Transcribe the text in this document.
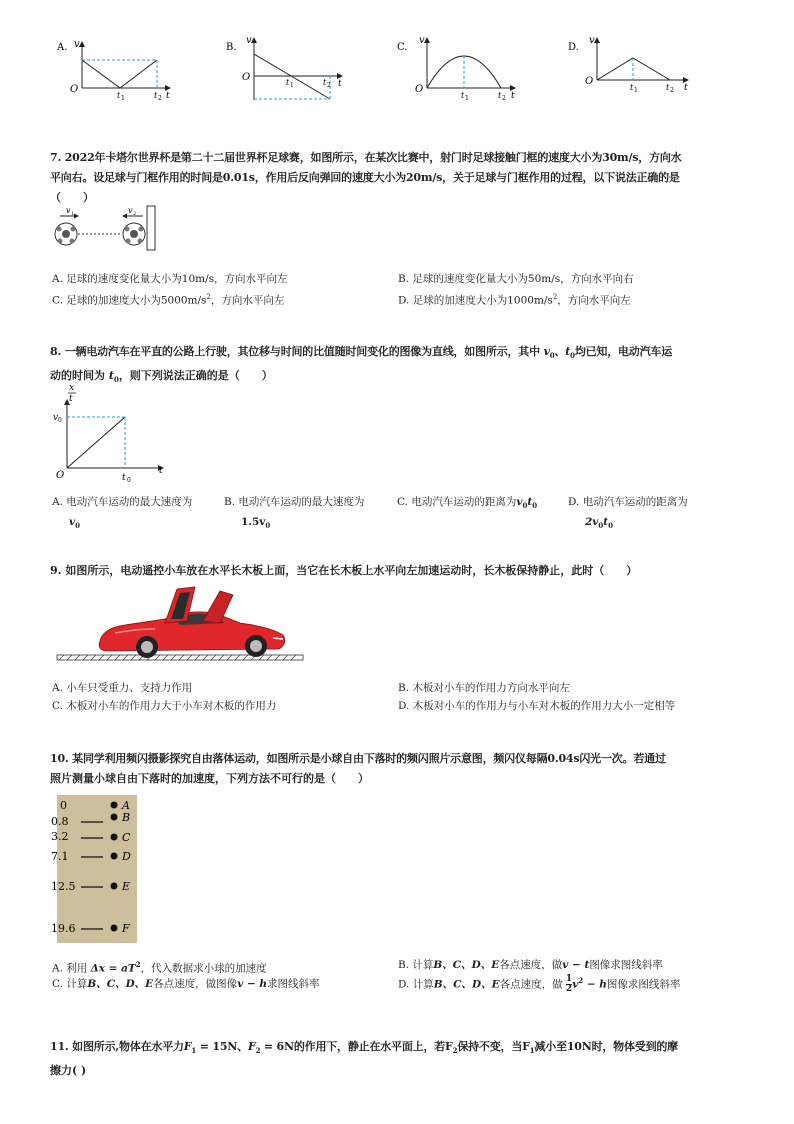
A. v
O
t 1	t 2 t
B.
v
O	t 1	t 2 t
C.
v
O
t 1	t 2 t
D.
v
O
t 1	t 2 t
7. 2022年卡塔尔世界杯是第二十二届世界杯足球赛，如图所示，在某次比赛中，射门时足球接触门框的速度大小为30m/s，方向水
平向右。设足球与门框作用的时间是0.01s，作用后反向弹回的速度大小为20m/s，关于足球与门框作用的过程，以下说法正确的是
（　　）
v 1	v 2
A. 足球的速度变化量大小为10m/s，方向水平向左	B. 足球的速度变化量大小为50m/s，方向水平向右
C. 足球的加速度大小为$5000m/s^2$，方向水平向左	D. 足球的加速度大小为$1000m/s^2$，方向水平向左
8. 一辆电动汽车在平直的公路上行驶，其位移与时间的比值随时间变化的图像为直线，如图所示，其中 $v_0$、$t_0$均已知，电动汽车运
动的时间为 $t_0$，则下列说法正确的是（　　）
x
t
v 0
O	t 0
t
A. 电动汽车运动的最大速度为
$v_0$
B. 电动汽车运动的最大速度为
$1.5v_0$
C. 电动汽车运动的距离为$v_0t_0$	D. 电动汽车运动的距离为
$2v_0t_0$
9. 如图所示，电动遥控小车放在水平长木板上面，当它在长木板上水平向左加速运动时，长木板保持静止，此时（　　）
A. 小车只受重力、支持力作用	B. 木板对小车的作用力方向水平向左
C. 木板对小车的作用力大于小车对木板的作用力	D. 木板对小车的作用力与小车对木板的作用力大小一定相等
10. 某同学利用频闪摄影探究自由落体运动，如图所示是小球自由下落时的频闪照片示意图，频闪仪每隔0.04s闪光一次。若通过
照片测量小球自由下落时的加速度，下列方法不可行的是（　　）
0	A
0.8	B
3.2	C
7.1	D
12.5	E
19.6	F
A. 利用 $\Delta x = aT^2$，代入数据求小球的加速度	B. 计算B、C、D、E各点速度，做v − t图像求图线斜率
C. 计算B、C、D、E各点速度，做图像v − h求图线斜率	D. 计算B、C、D、E各点速度，做 $\frac{1}{2} v^2 - h$图像求图线斜率
11. 如图所示,物体在水平力$F_1 = 15N$、$F_2 = 6N$的作用下，静止在水平面上，若$F_2$保持不变，当$F_1$减小至10N时，物体受到的摩
擦力( )
